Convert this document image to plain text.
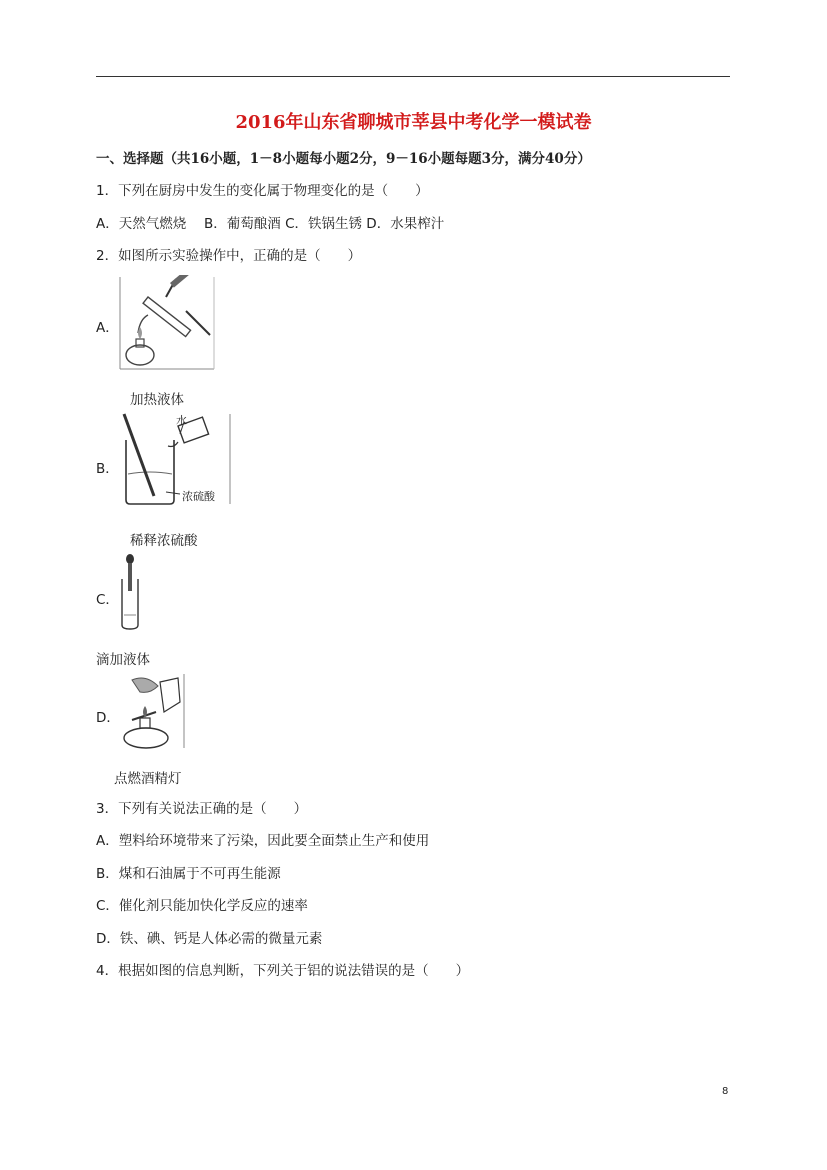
2016年山东省聊城市莘县中考化学一模试卷
一、选择题（共16小题，1－8小题每小题2分，9－16小题每题3分，满分40分）
1．下列在厨房中发生的变化属于物理变化的是（　　）
A．天然气燃烧　 B．葡萄酿酒 C．铁锅生锈 D．水果榨汁
2．如图所示实验操作中，正确的是（　　）
A．
加热液体
B．
水
浓硫酸
稀释浓硫酸
C．
滴加液体
D．
点燃酒精灯
3．下列有关说法正确的是（　　）
A．塑料给环境带来了污染，因此要全面禁止生产和使用
B．煤和石油属于不可再生能源
C．催化剂只能加快化学反应的速率
D．铁、碘、钙是人体必需的微量元素
4．根据如图的信息判断，下列关于铝的说法错误的是（　　）
8
